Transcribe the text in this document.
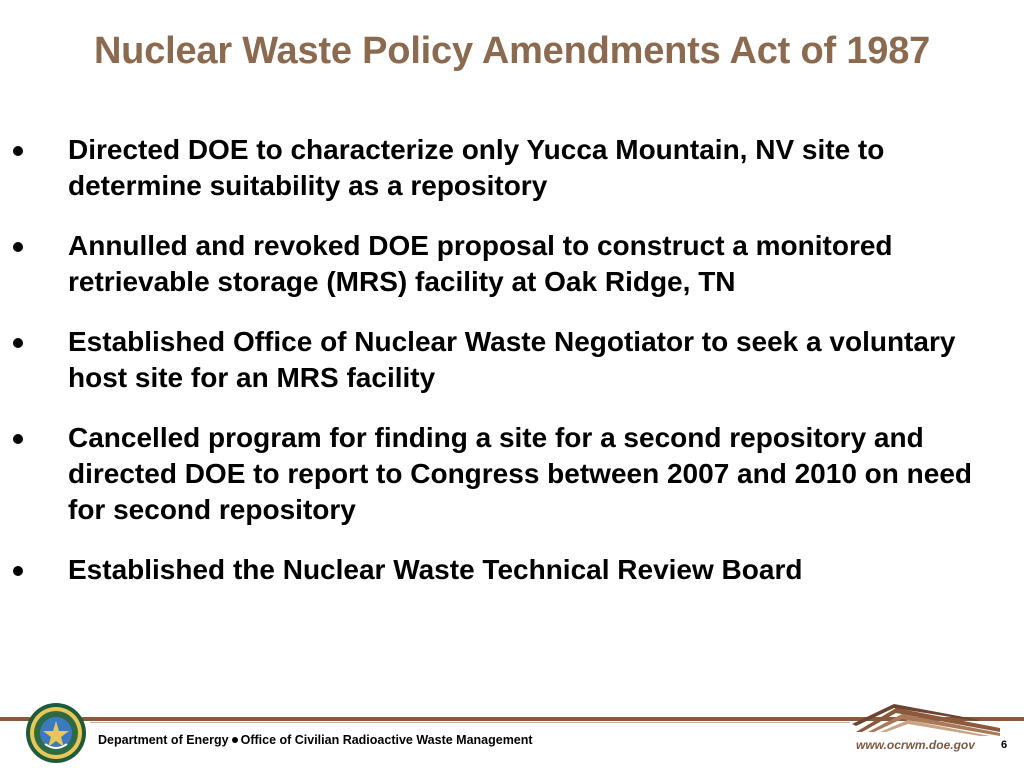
Nuclear Waste Policy Amendments Act of 1987
Directed DOE to characterize only Yucca Mountain, NV site to determine suitability as a repository
Annulled and revoked DOE proposal to construct a monitored retrievable storage (MRS) facility at Oak Ridge, TN
Established Office of Nuclear Waste Negotiator to seek a voluntary host site for an MRS facility
Cancelled program for finding a site for a second repository and directed DOE to report to Congress between 2007 and 2010 on need for second repository
Established the Nuclear Waste Technical Review Board
Department of Energy Office of Civilian Radioactive Waste Management	www.ocrwm.doe.gov 6
